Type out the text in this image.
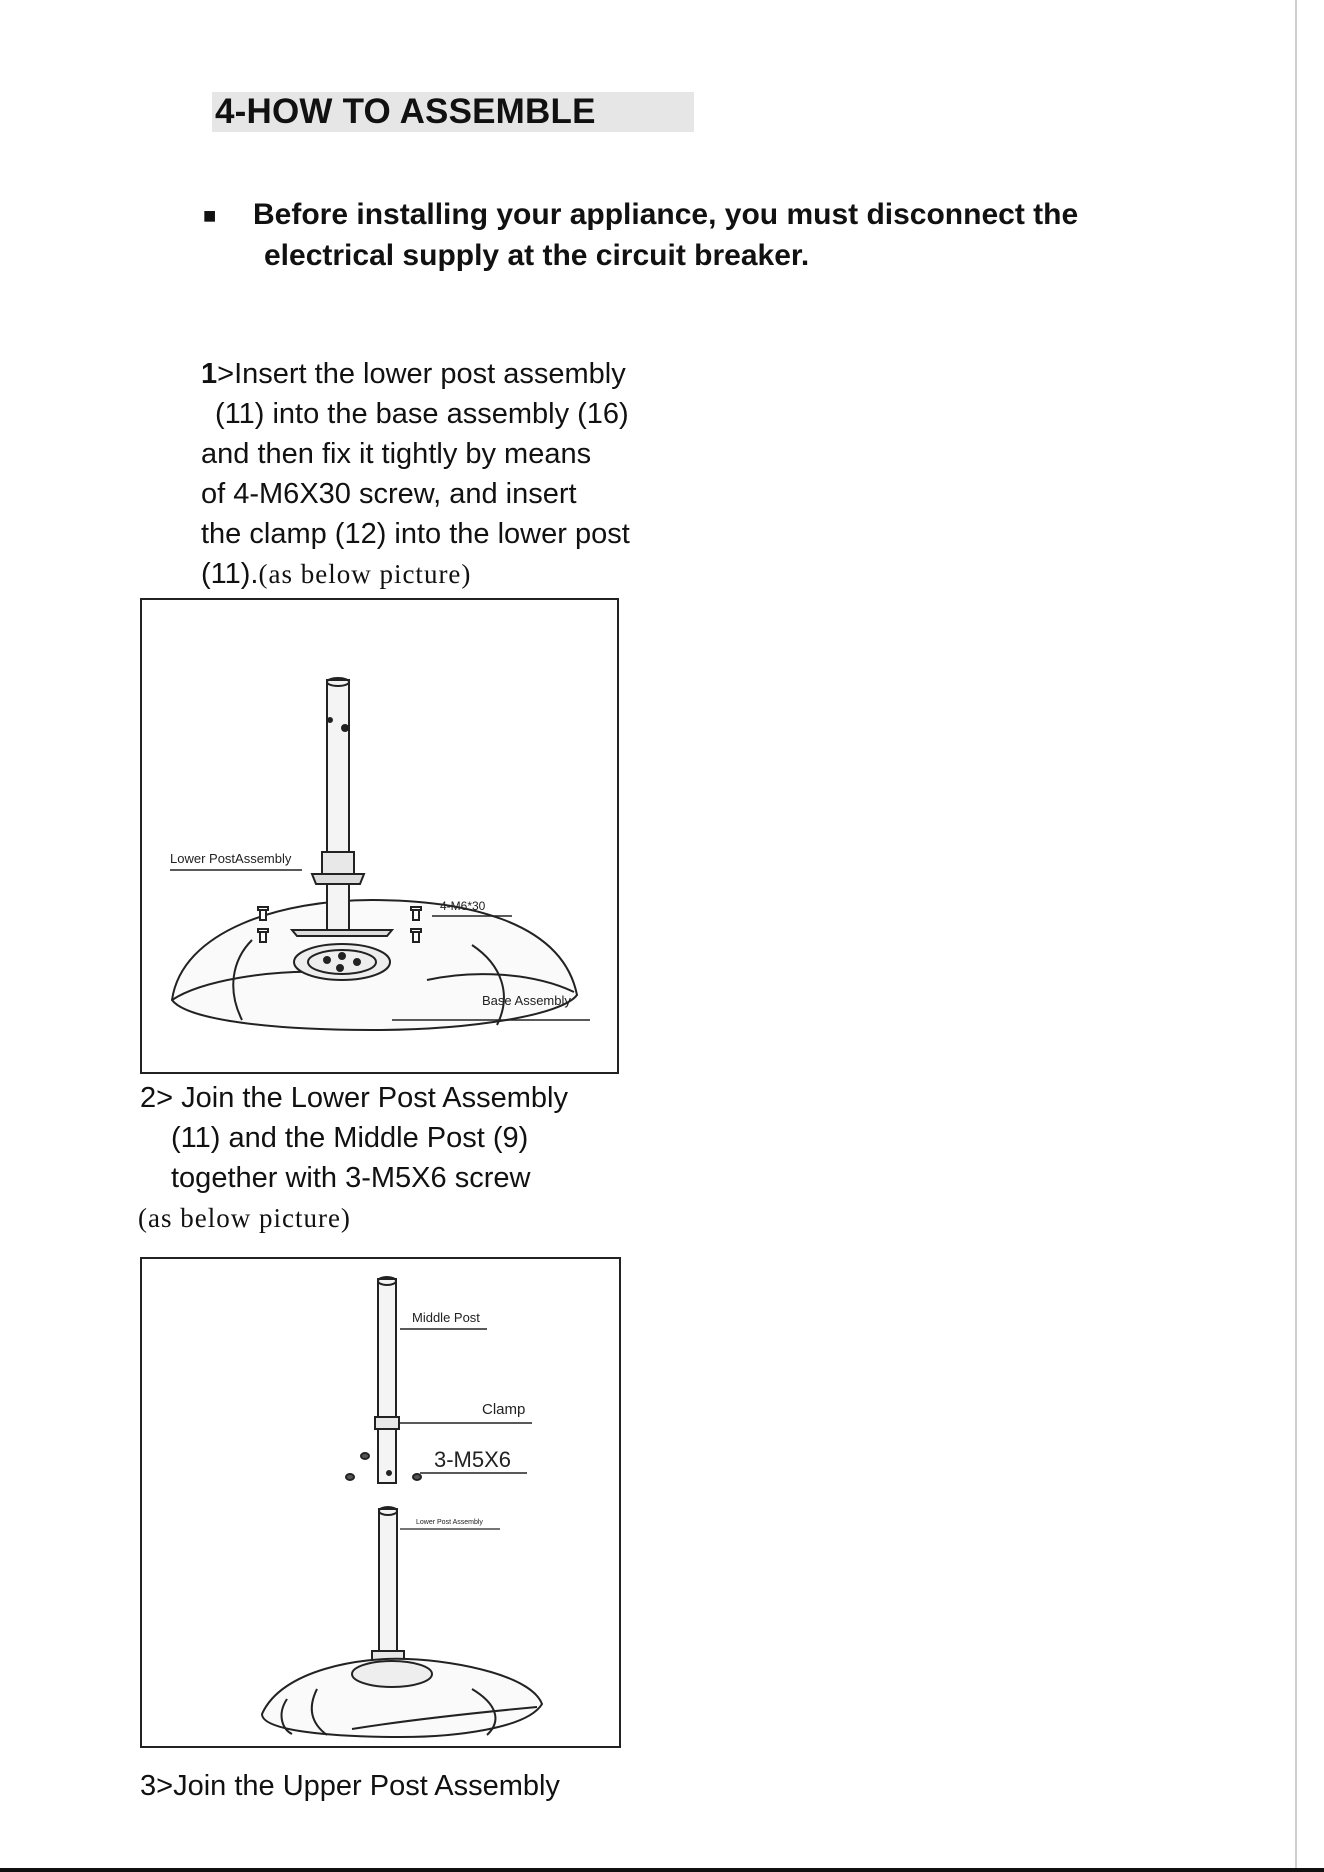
4-HOW TO ASSEMBLE
■ Before installing your appliance, you must disconnect the
electrical supply at the circuit breaker.
1>Insert the lower post assembly
(11) into the base assembly (16)
and then fix it tightly by means
of 4-M6X30 screw, and insert
the clamp (12) into the lower post
(11).(as below picture)
Lower PostAssembly
4-M6*30
Base Assembly
2> Join the Lower Post Assembly
(11) and the Middle Post (9)
together with 3-M5X6 screw
(as below picture)
Middle Post
Clamp
3-M5X6
Lower Post Assembly
3>Join the Upper Post Assembly
